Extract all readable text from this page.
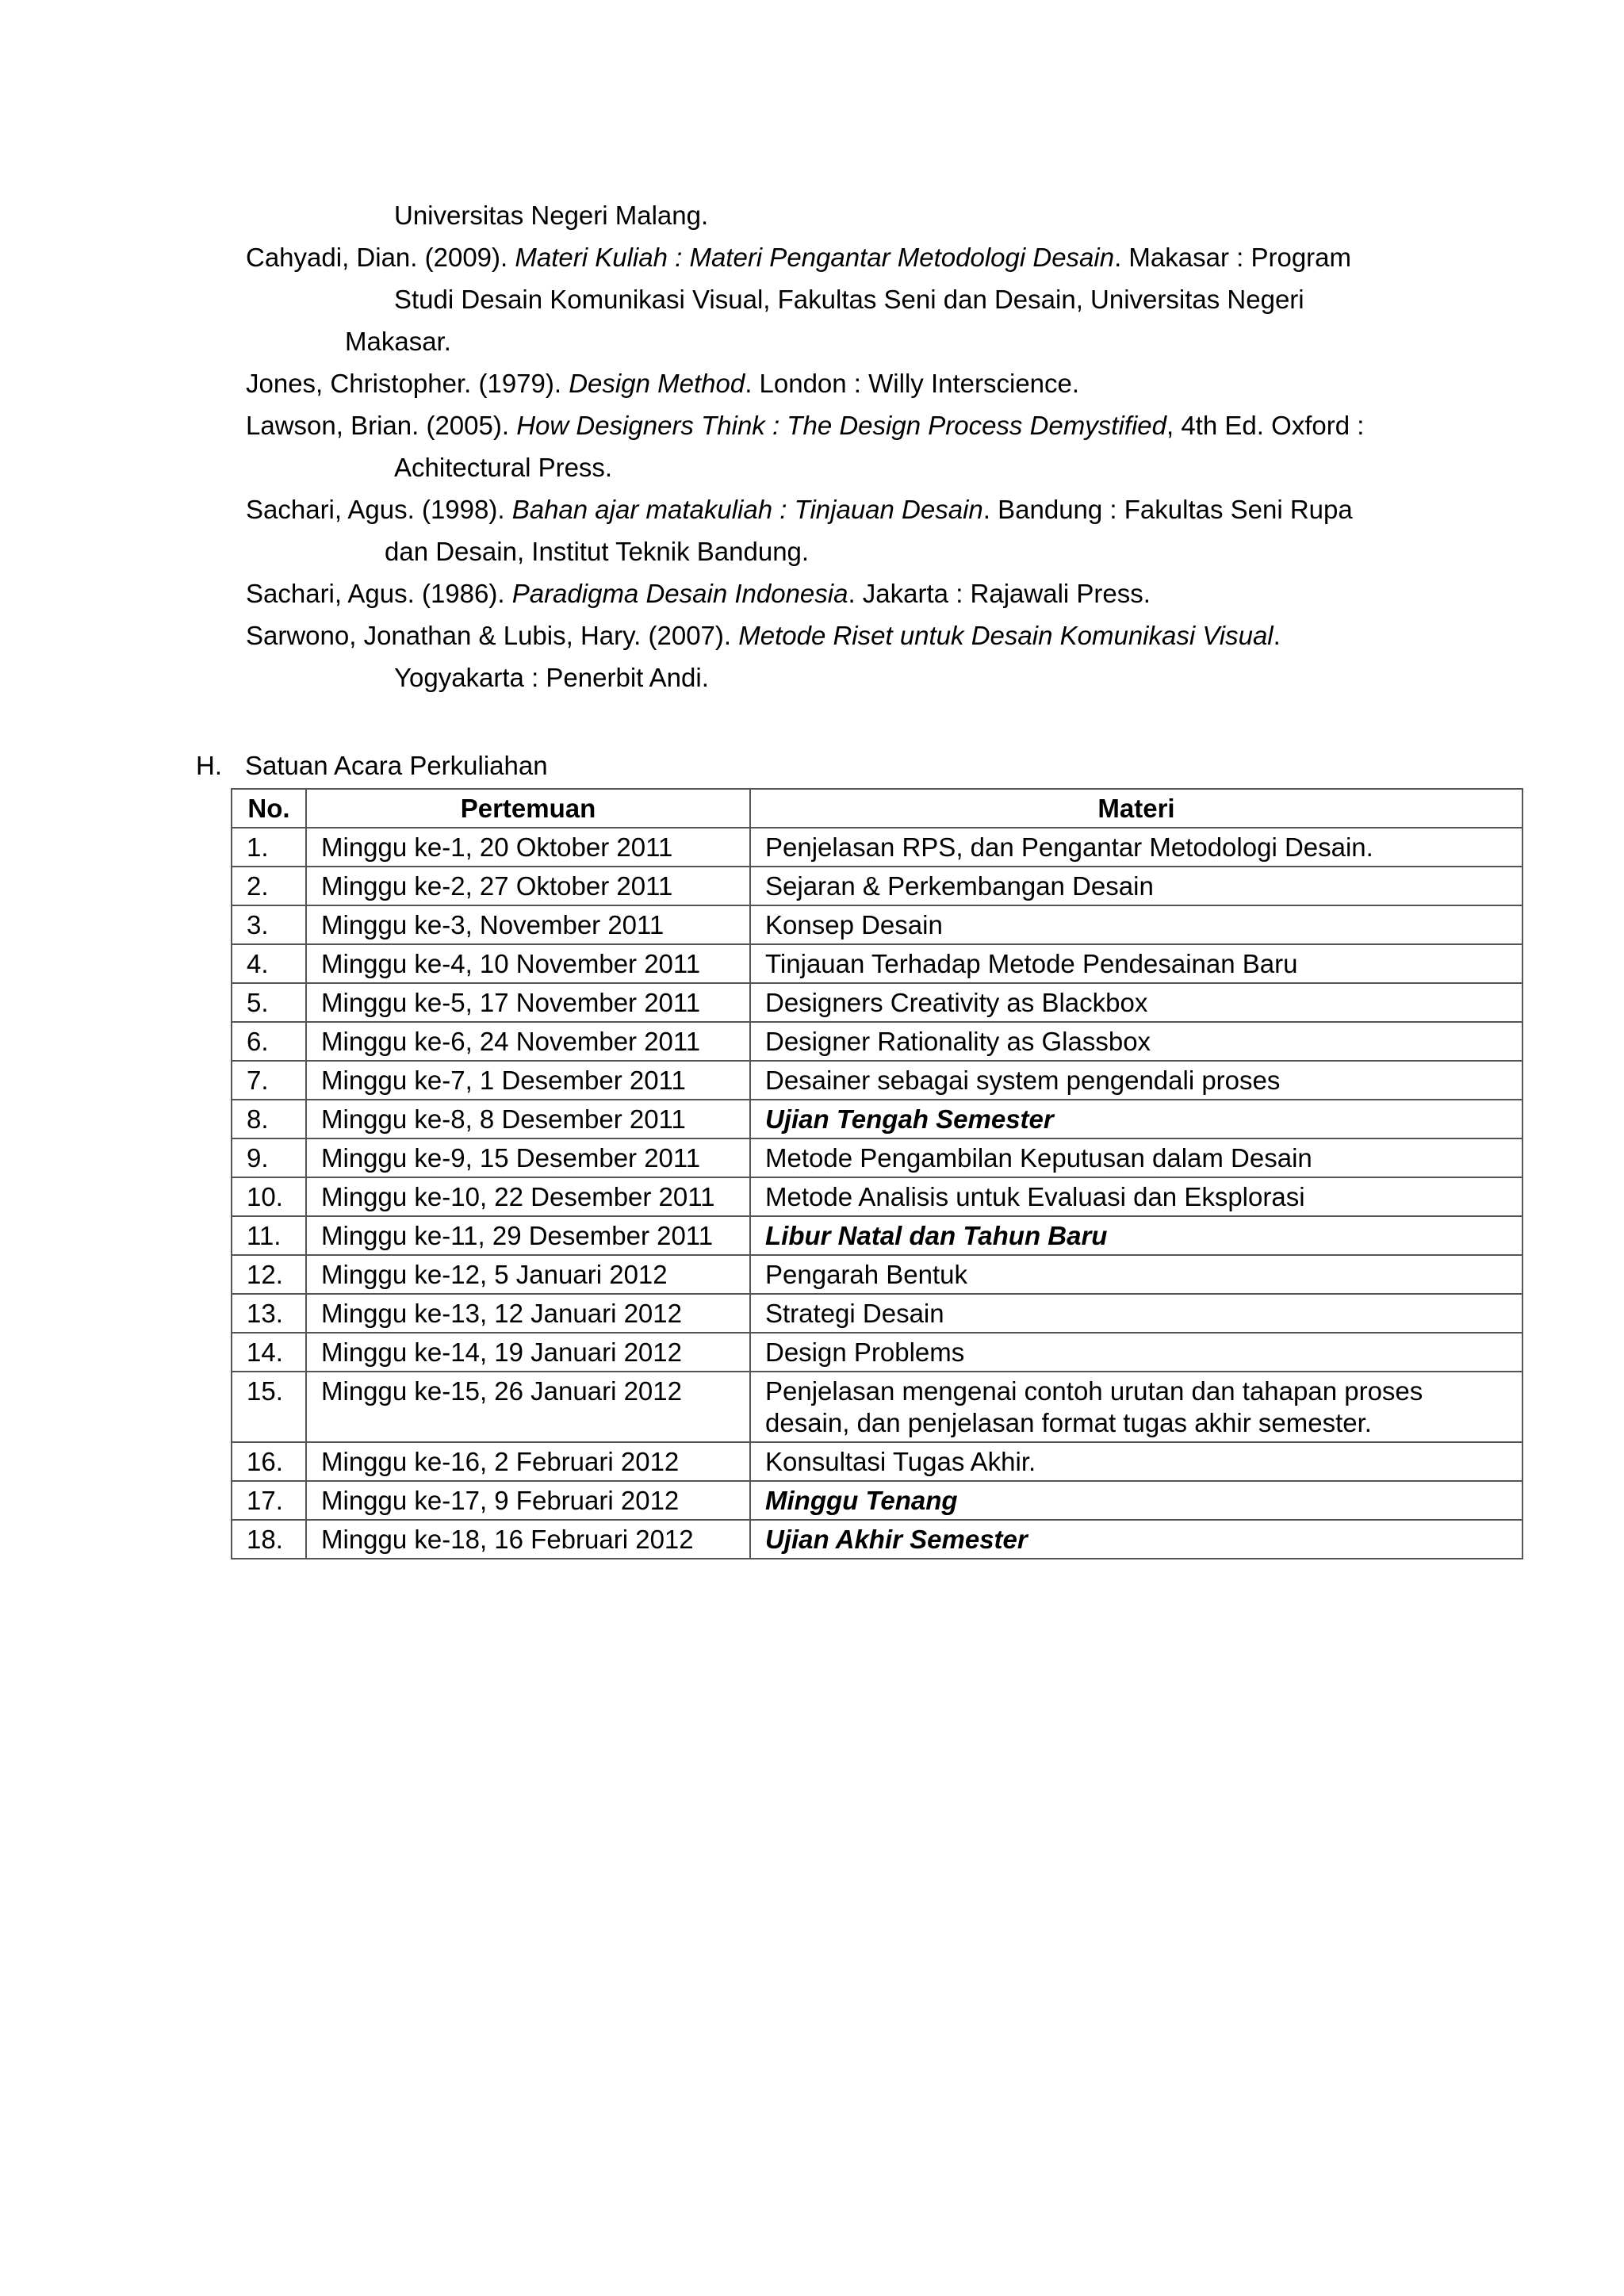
Universitas Negeri Malang.
Cahyadi, Dian. (2009). Materi Kuliah : Materi Pengantar Metodologi Desain. Makasar : Program
Studi Desain Komunikasi Visual, Fakultas Seni dan Desain, Universitas Negeri
Makasar.
Jones, Christopher. (1979). Design Method. London : Willy Interscience.
Lawson, Brian. (2005). How Designers Think : The Design Process Demystified, 4th Ed. Oxford :
Achitectural Press.
Sachari, Agus. (1998). Bahan ajar matakuliah : Tinjauan Desain. Bandung : Fakultas Seni Rupa
dan Desain, Institut Teknik Bandung.
Sachari, Agus. (1986). Paradigma Desain Indonesia. Jakarta : Rajawali Press.
Sarwono, Jonathan & Lubis, Hary. (2007). Metode Riset untuk Desain Komunikasi Visual.
Yogyakarta : Penerbit Andi.
H. Satuan Acara Perkuliahan
No.	Pertemuan	Materi
1.	Minggu ke-1, 20 Oktober 2011	Penjelasan RPS, dan Pengantar Metodologi Desain.
2.	Minggu ke-2, 27 Oktober 2011	Sejaran & Perkembangan Desain
3.	Minggu ke-3, November 2011	Konsep Desain
4.	Minggu ke-4, 10 November 2011	Tinjauan Terhadap Metode Pendesainan Baru
5.	Minggu ke-5, 17 November 2011	Designers Creativity as Blackbox
6.	Minggu ke-6, 24 November 2011	Designer Rationality as Glassbox
7.	Minggu ke-7, 1 Desember 2011	Desainer sebagai system pengendali proses
8.	Minggu ke-8, 8 Desember 2011	Ujian Tengah Semester
9.	Minggu ke-9, 15 Desember 2011	Metode Pengambilan Keputusan dalam Desain
10.	Minggu ke-10, 22 Desember 2011	Metode Analisis untuk Evaluasi dan Eksplorasi
11.	Minggu ke-11, 29 Desember 2011	Libur Natal dan Tahun Baru
12.	Minggu ke-12, 5 Januari 2012	Pengarah Bentuk
13.	Minggu ke-13, 12 Januari 2012	Strategi Desain
14.	Minggu ke-14, 19 Januari 2012	Design Problems
15.	Minggu ke-15, 26 Januari 2012	Penjelasan mengenai contoh urutan dan tahapan proses desain, dan penjelasan format tugas akhir semester.
16.	Minggu ke-16, 2 Februari 2012	Konsultasi Tugas Akhir.
17.	Minggu ke-17, 9 Februari 2012	Minggu Tenang
18.	Minggu ke-18, 16 Februari 2012	Ujian Akhir Semester
